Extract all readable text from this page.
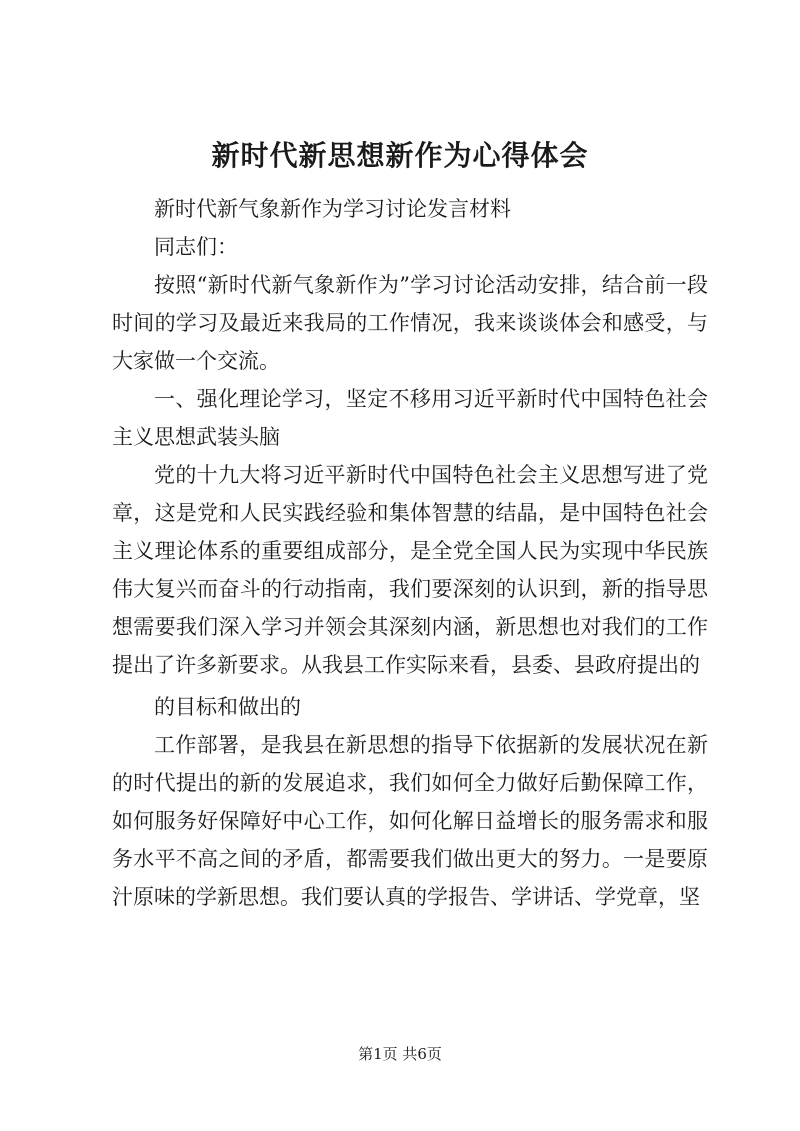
新时代新思想新作为心得体会

新时代新气象新作为学习讨论发言材料

同志们：

按照“新时代新气象新作为”学习讨论活动安排，结合前一段时间的学习及最近来我局的工作情况，我来谈谈体会和感受，与大家做一个交流。

一、强化理论学习，坚定不移用习近平新时代中国特色社会主义思想武装头脑

党的十九大将习近平新时代中国特色社会主义思想写进了党章，这是党和人民实践经验和集体智慧的结晶，是中国特色社会主义理论体系的重要组成部分，是全党全国人民为实现中华民族伟大复兴而奋斗的行动指南，我们要深刻的认识到，新的指导思想需要我们深入学习并领会其深刻内涵，新思想也对我们的工作提出了许多新要求。从我县工作实际来看，县委、县政府提出的

的目标和做出的

工作部署，是我县在新思想的指导下依据新的发展状况在新的时代提出的新的发展追求，我们如何全力做好后勤保障工作，如何服务好保障好中心工作，如何化解日益增长的服务需求和服务水平不高之间的矛盾，都需要我们做出更大的努力。一是要原汁原味的学新思想。我们要认真的学报告、学讲话、学党章，坚

第1页 共6页
